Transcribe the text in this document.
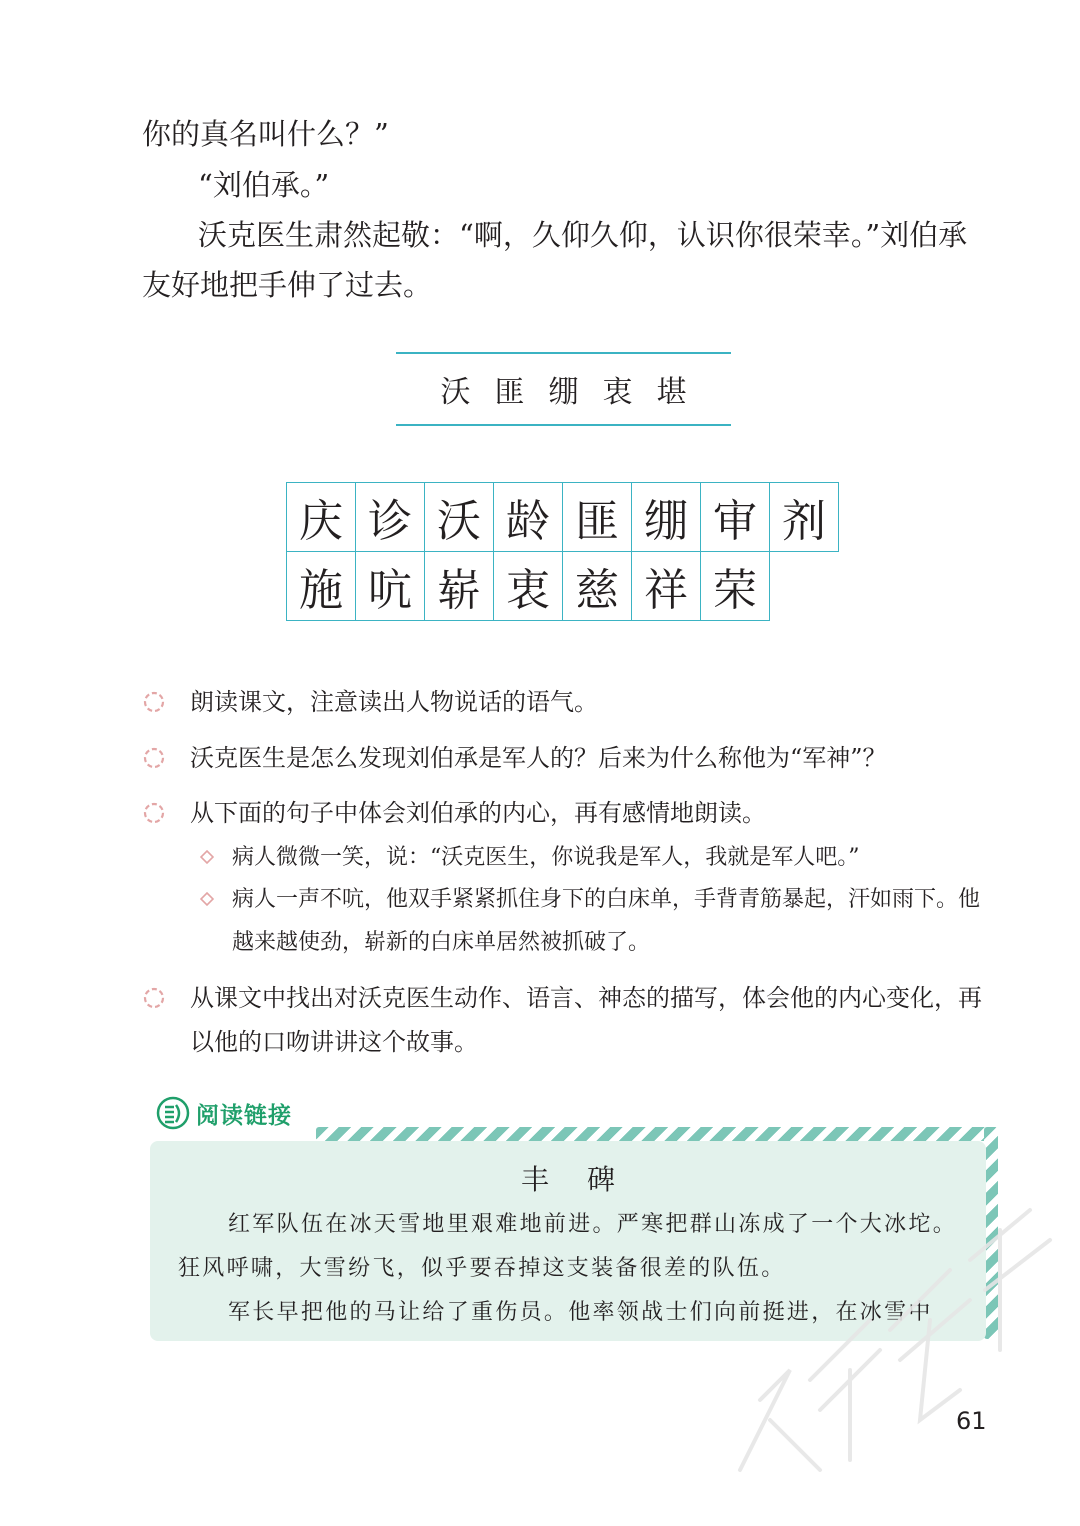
你的真名叫什么？”

“刘伯承。”

沃克医生肃然起敬：“啊，久仰久仰，认识你很荣幸。”刘伯承友好地把手伸了过去。

沃 匪 绷 衷 堪
庆 诊 沃 龄 匪 绷 审 剂
施 吭 崭 衷 慈 祥 荣
朗读课文，注意读出人物说话的语气。
沃克医生是怎么发现刘伯承是军人的？后来为什么称他为“军神”？
从下面的句子中体会刘伯承的内心，再有感情地朗读。
病人微微一笑，说：“沃克医生，你说我是军人，我就是军人吧。”
病人一声不吭，他双手紧紧抓住身下的白床单，手背青筋暴起，汗如雨下。他越来越使劲，崭新的白床单居然被抓破了。
从课文中找出对沃克医生动作、语言、神态的描写，体会他的内心变化，再以他的口吻讲讲这个故事。
阅读链接
丰碑

红军队伍在冰天雪地里艰难地前进。严寒把群山冻成了一个大冰坨。狂风呼啸，大雪纷飞，似乎要吞掉这支装备很差的队伍。

军长早把他的马让给了重伤员。他率领战士们向前挺进，在冰雪中

61
